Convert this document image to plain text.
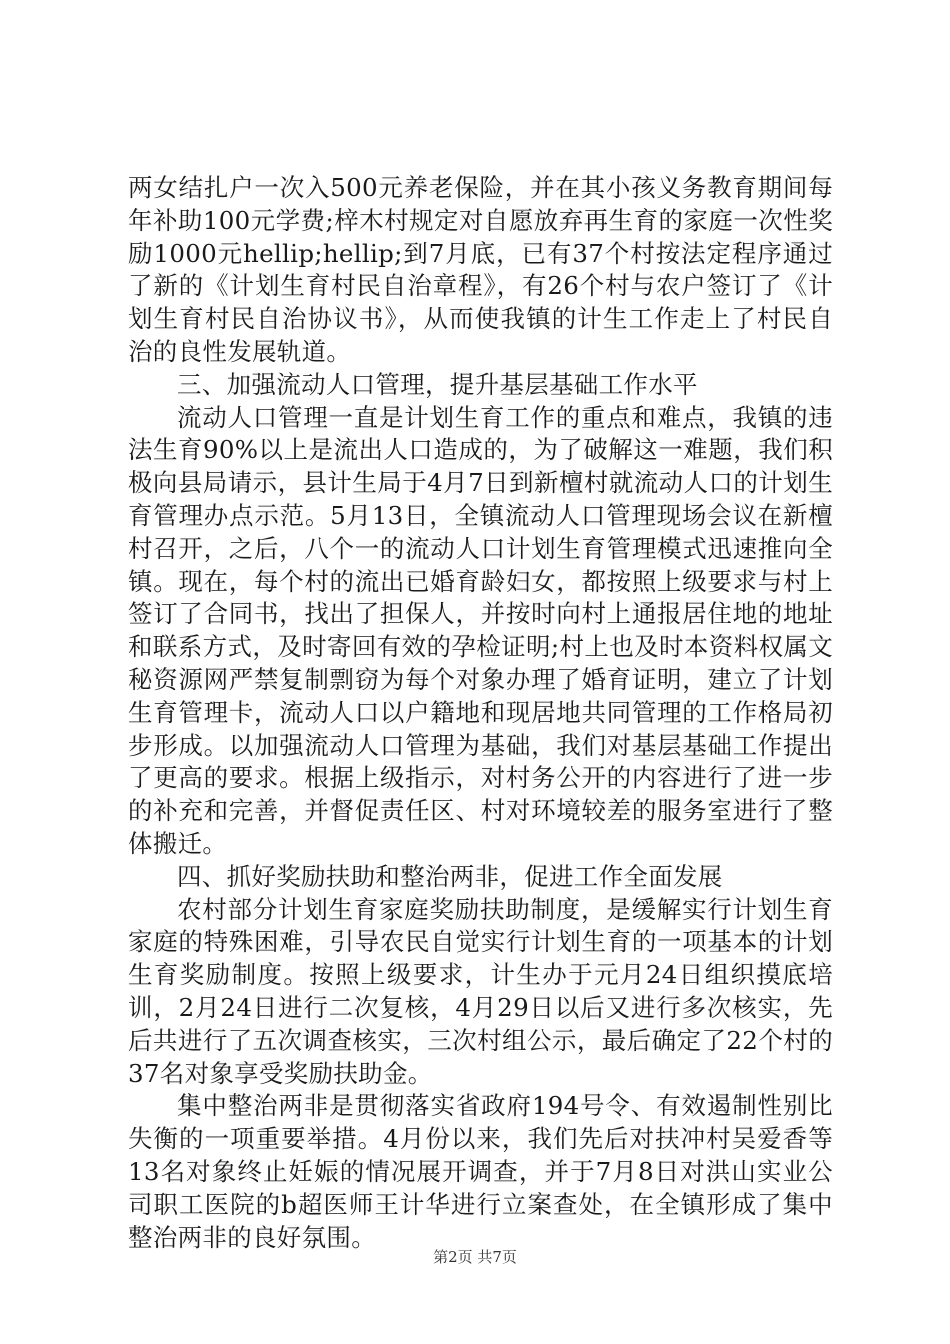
两女结扎户一次入500元养老保险，并在其小孩义务教育期间每年补助100元学费;梓木村规定对自愿放弃再生育的家庭一次性奖励1000元hellip;hellip;到7月底，已有37个村按法定程序通过了新的《计划生育村民自治章程》，有26个村与农户签订了《计划生育村民自治协议书》，从而使我镇的计生工作走上了村民自治的良性发展轨道。

三、加强流动人口管理，提升基层基础工作水平

流动人口管理一直是计划生育工作的重点和难点，我镇的违法生育90%以上是流出人口造成的，为了破解这一难题，我们积极向县局请示，县计生局于4月7日到新檀村就流动人口的计划生育管理办点示范。5月13日，全镇流动人口管理现场会议在新檀村召开，之后，八个一的流动人口计划生育管理模式迅速推向全镇。现在，每个村的流出已婚育龄妇女，都按照上级要求与村上签订了合同书，找出了担保人，并按时向村上通报居住地的地址和联系方式，及时寄回有效的孕检证明;村上也及时本资料权属文秘资源网严禁复制剽窃为每个对象办理了婚育证明，建立了计划生育管理卡，流动人口以户籍地和现居地共同管理的工作格局初步形成。以加强流动人口管理为基础，我们对基层基础工作提出了更高的要求。根据上级指示，对村务公开的内容进行了进一步的补充和完善，并督促责任区、村对环境较差的服务室进行了整体搬迁。

四、抓好奖励扶助和整治两非，促进工作全面发展

农村部分计划生育家庭奖励扶助制度，是缓解实行计划生育家庭的特殊困难，引导农民自觉实行计划生育的一项基本的计划生育奖励制度。按照上级要求，计生办于元月24日组织摸底培训，2月24日进行二次复核，4月29日以后又进行多次核实，先后共进行了五次调查核实，三次村组公示，最后确定了22个村的37名对象享受奖励扶助金。

集中整治两非是贯彻落实省政府194号令、有效遏制性别比失衡的一项重要举措。4月份以来，我们先后对扶冲村吴爱香等13名对象终止妊娠的情况展开调查，并于7月8日对洪山实业公司职工医院的b超医师王计华进行立案查处，在全镇形成了集中整治两非的良好氛围。

第2页 共7页
